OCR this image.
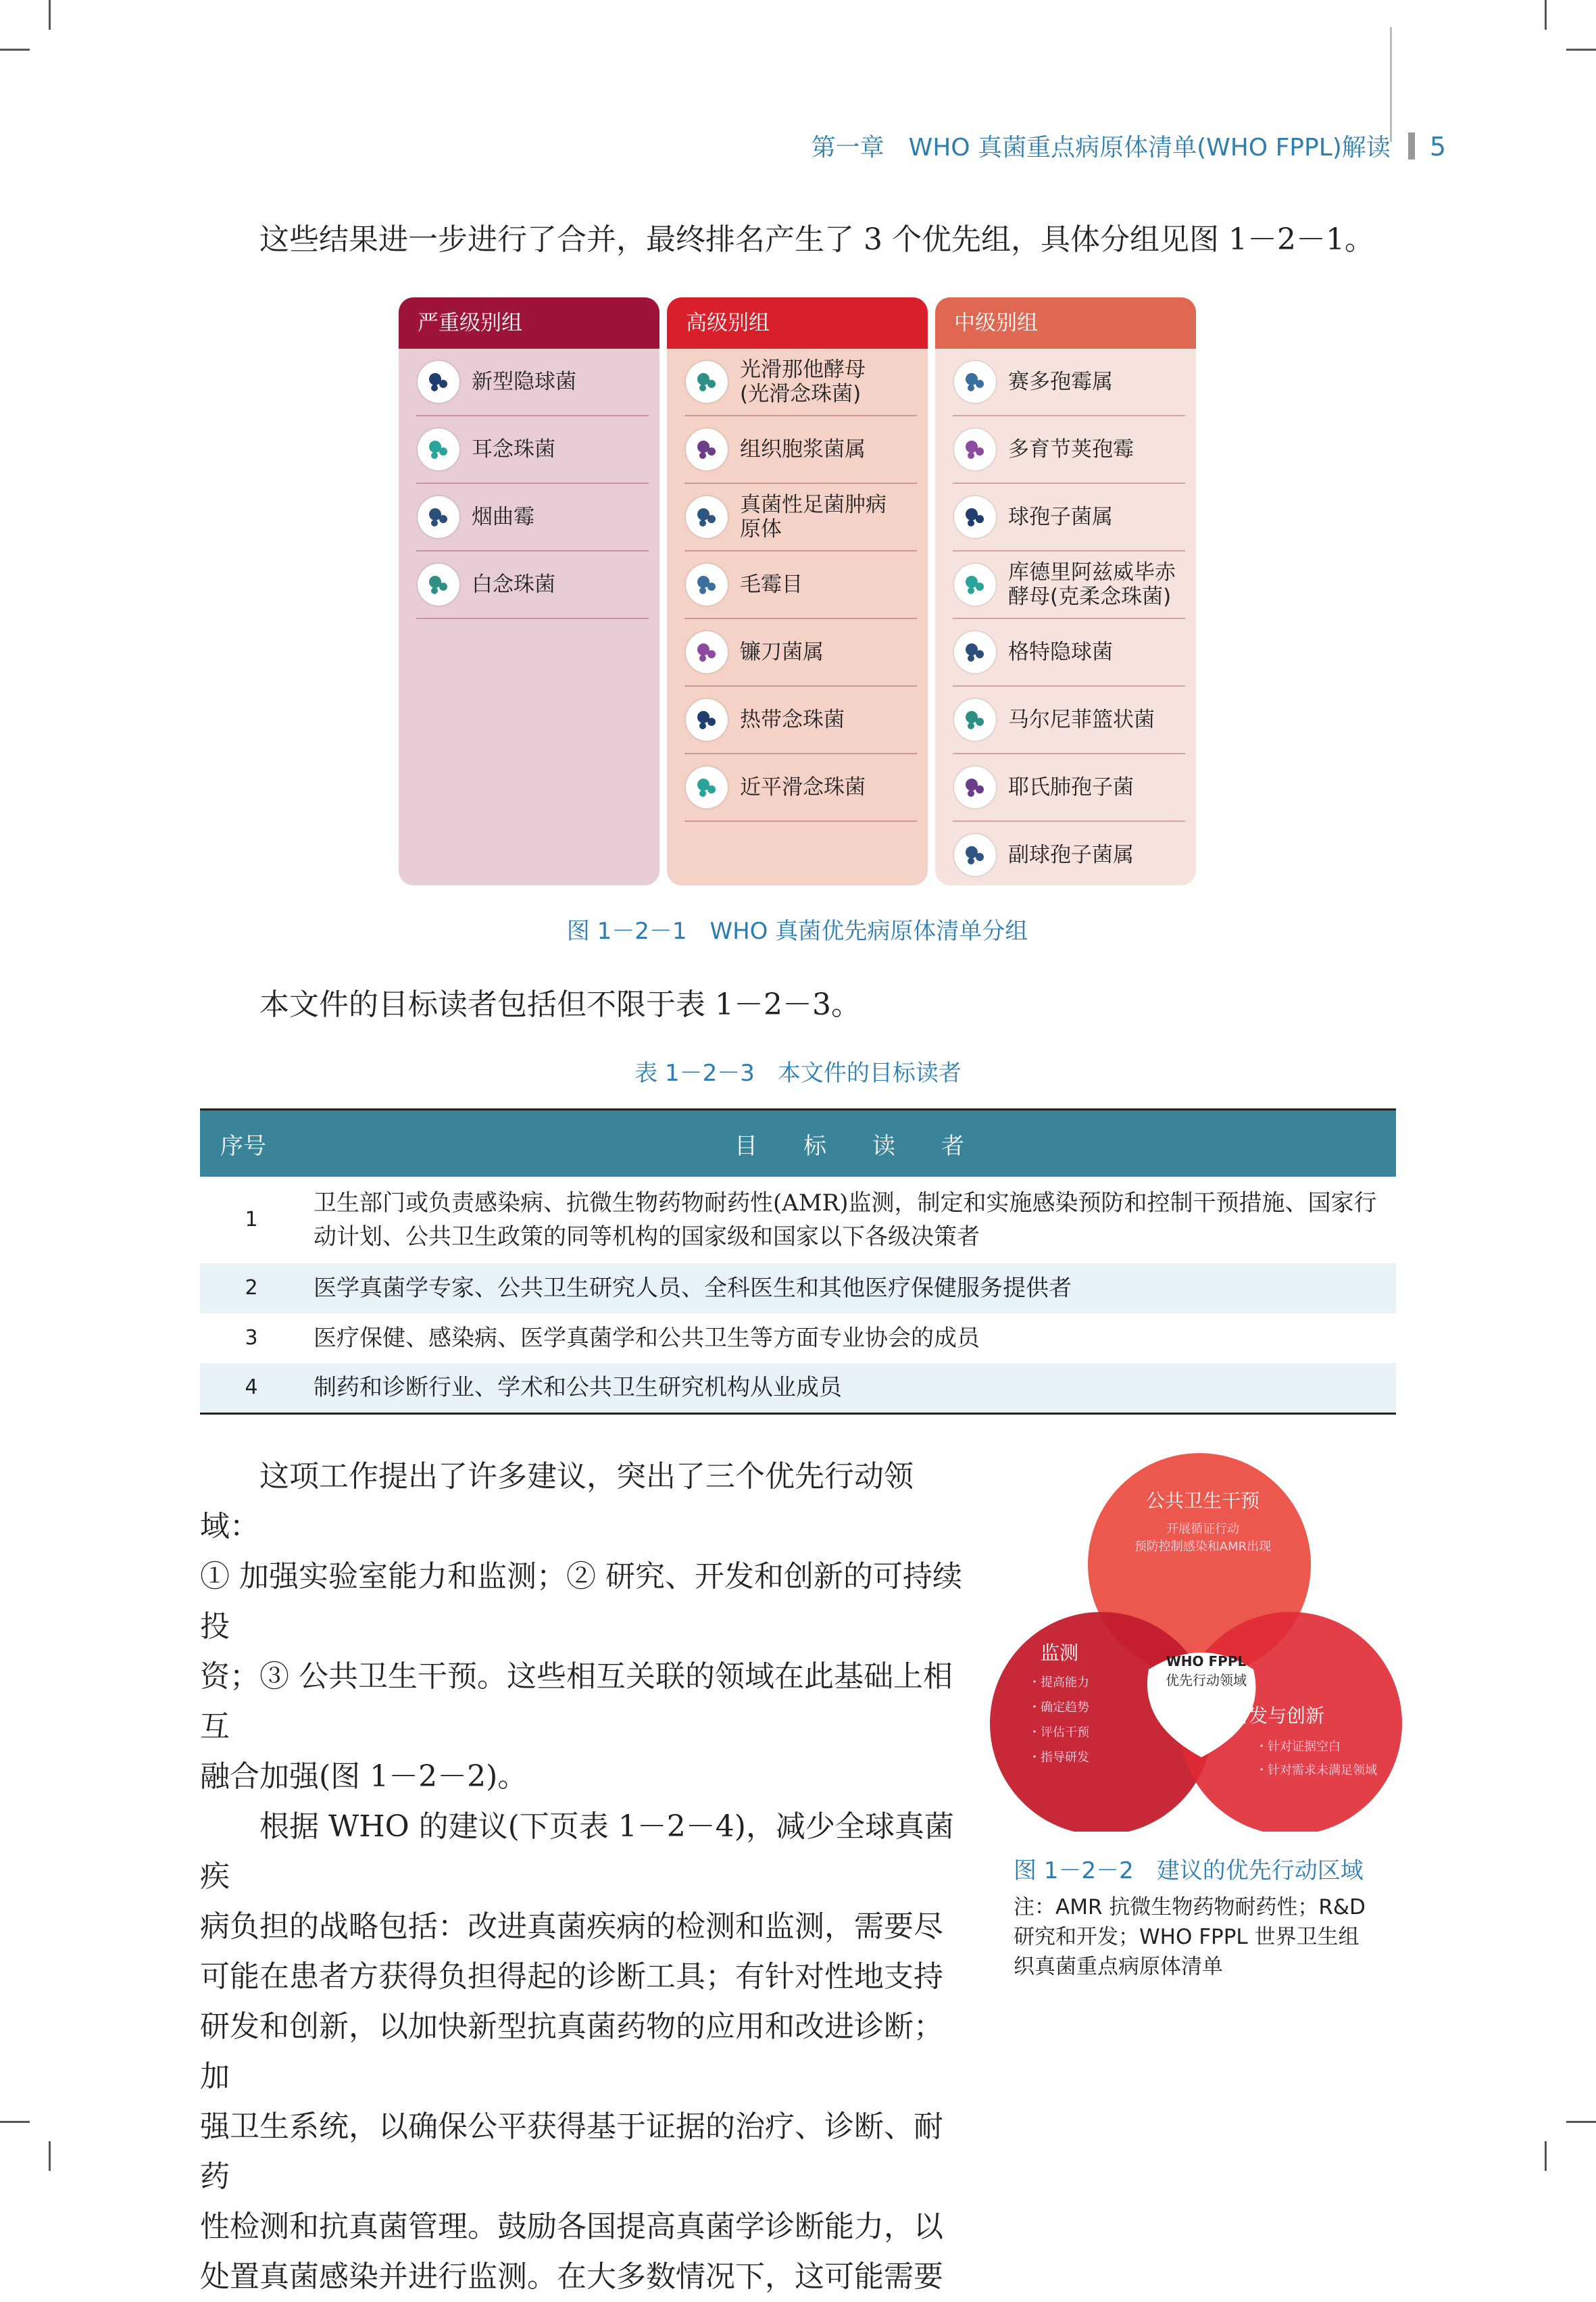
第一章　WHO 真菌重点病原体清单(WHO FPPL)解读 5
这些结果进一步进行了合并，最终排名产生了 3 个优先组，具体分组见图 1－2－1。
严重级别组
新型隐球菌
耳念珠菌
烟曲霉
白念珠菌
高级别组
光滑那他酵母
(光滑念珠菌)
组织胞浆菌属
真菌性足菌肿病
原体
毛霉目
镰刀菌属
热带念珠菌
近平滑念珠菌
中级别组
赛多孢霉属
多育节荚孢霉
球孢子菌属
库德里阿兹威毕赤
酵母(克柔念珠菌)
格特隐球菌
马尔尼菲篮状菌
耶氏肺孢子菌
副球孢子菌属
图 1－2－1　WHO 真菌优先病原体清单分组
本文件的目标读者包括但不限于表 1－2－3。
表 1－2－3　本文件的目标读者
序号	目　　标　　读　　者
1	卫生部门或负责感染病、抗微生物药物耐药性(AMR)监测，制定和实施感染预防和控制干预措施、国家行动计划、公共卫生政策的同等机构的国家级和国家以下各级决策者
2	医学真菌学专家、公共卫生研究人员、全科医生和其他医疗保健服务提供者
3	医疗保健、感染病、医学真菌学和公共卫生等方面专业协会的成员
4	制药和诊断行业、学术和公共卫生研究机构从业成员
　　这项工作提出了许多建议，突出了三个优先行动领域：
① 加强实验室能力和监测；② 研究、开发和创新的可持续投
资；③ 公共卫生干预。这些相互关联的领域在此基础上相互
融合加强(图 1－2－2)。
　　根据 WHO 的建议(下页表 1－2－4)，减少全球真菌疾
病负担的战略包括：改进真菌疾病的检测和监测，需要尽
可能在患者方获得负担得起的诊断工具；有针对性地支持
研发和创新，以加快新型抗真菌药物的应用和改进诊断；加
强卫生系统，以确保公平获得基于证据的治疗、诊断、耐药
性检测和抗真菌管理。鼓励各国提高真菌学诊断能力，以
处置真菌感染并进行监测。在大多数情况下，这可能需要
公共卫生干预
开展循证行动
预防控制感染和AMR出现
监测
・提高能力
・确定趋势
・评估干预
・指导研发
WHO FPPL
优先行动领域
研发与创新
・针对证据空白
・针对需求未满足领域
图 1－2－2　建议的优先行动区域
注：AMR 抗微生物药物耐药性；R&D
研究和开发；WHO FPPL 世界卫生组
织真菌重点病原体清单
